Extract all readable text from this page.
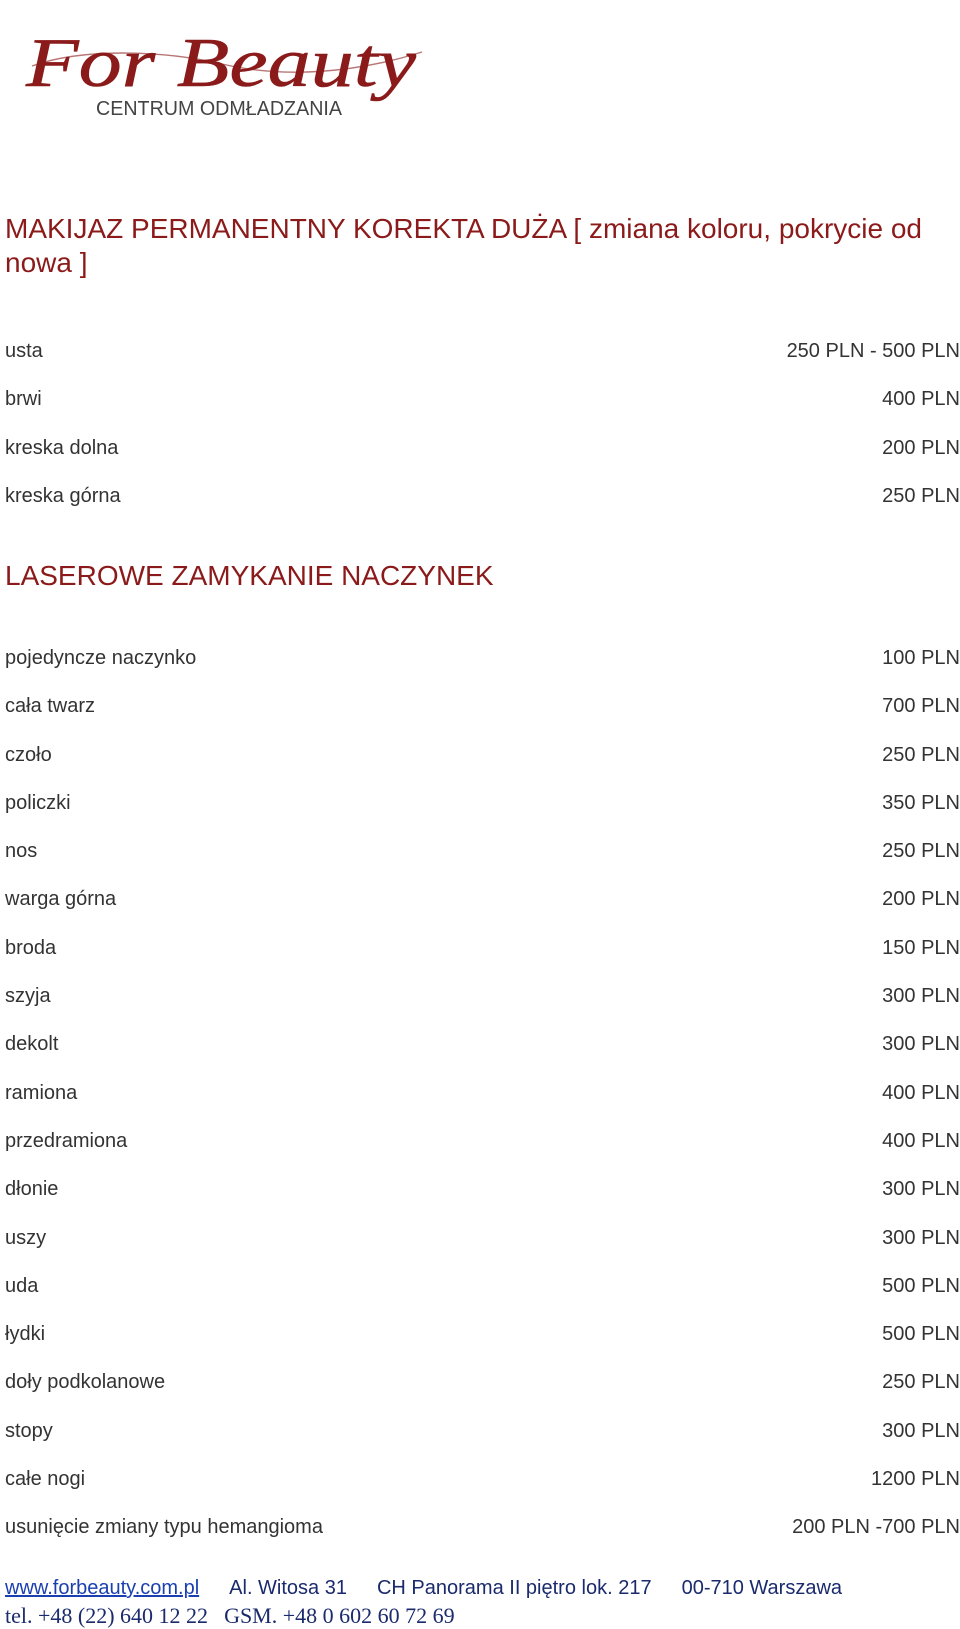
For Beauty
CENTRUM ODMŁADZANIA
MAKIJAZ PERMANENTNY KOREKTA DUŻA [ zmiana koloru, pokrycie od nowa ]
usta	250 PLN - 500 PLN
brwi	400 PLN
kreska dolna	200 PLN
kreska górna	250 PLN
LASEROWE ZAMYKANIE NACZYNEK
pojedyncze naczynko	100 PLN
cała twarz	700 PLN
czoło	250 PLN
policzki	350 PLN
nos	250 PLN
warga górna	200 PLN
broda	150 PLN
szyja	300 PLN
dekolt	300 PLN
ramiona	400 PLN
przedramiona	400 PLN
dłonie	300 PLN
uszy	300 PLN
uda	500 PLN
łydki	500 PLN
doły podkolanowe	250 PLN
stopy	300 PLN
całe nogi	1200 PLN
usunięcie zmiany typu hemangioma	200 PLN -700 PLN
www.forbeauty.com.pl Al. Witosa 31 CH Panorama II piętro lok. 217 00-710 Warszawa
tel. +48 (22) 640 12 22 GSM. +48 0 602 60 72 69
